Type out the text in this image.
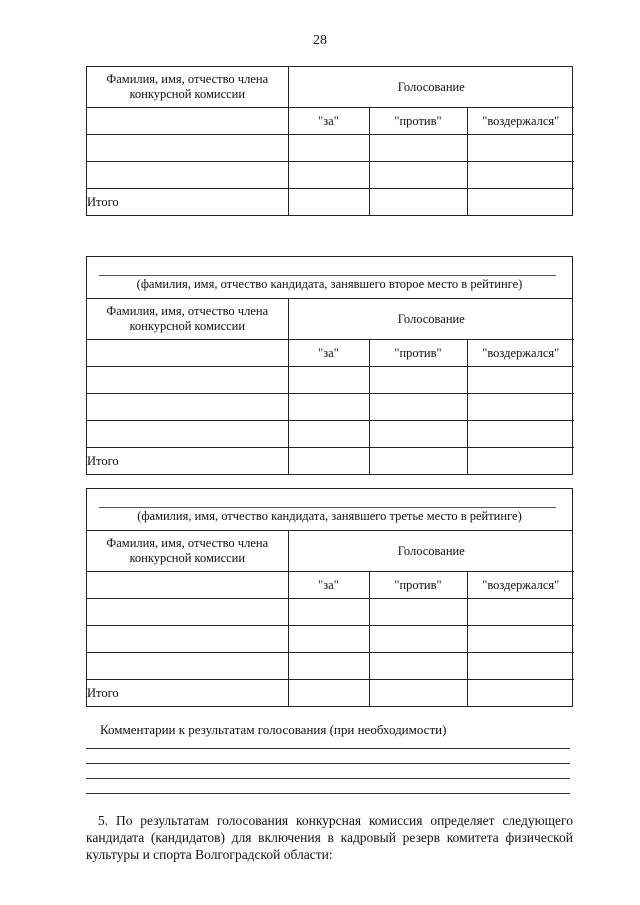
28
Фамилия, имя, отчество члена
конкурсной комиссии	Голосование		
	"за"	"против"	"воздержался"

Итого			
(фамилия, имя, отчество кандидата, занявшего второе место в рейтинге)
Фамилия, имя, отчество члена
конкурсной комиссии	Голосование		
	"за"	"против"	"воздержался"

Итого			
(фамилия, имя, отчество кандидата, занявшего третье место в рейтинге)
Фамилия, имя, отчество члена
конкурсной комиссии	Голосование		
	"за"	"против"	"воздержался"

Итого			
Комментарии к результатам голосования (при необходимости)
5. По результатам голосования конкурсная комиссия определяет следующего
кандидата (кандидатов) для включения в кадровый резерв комитета физической
культуры и спорта Волгоградской области:
